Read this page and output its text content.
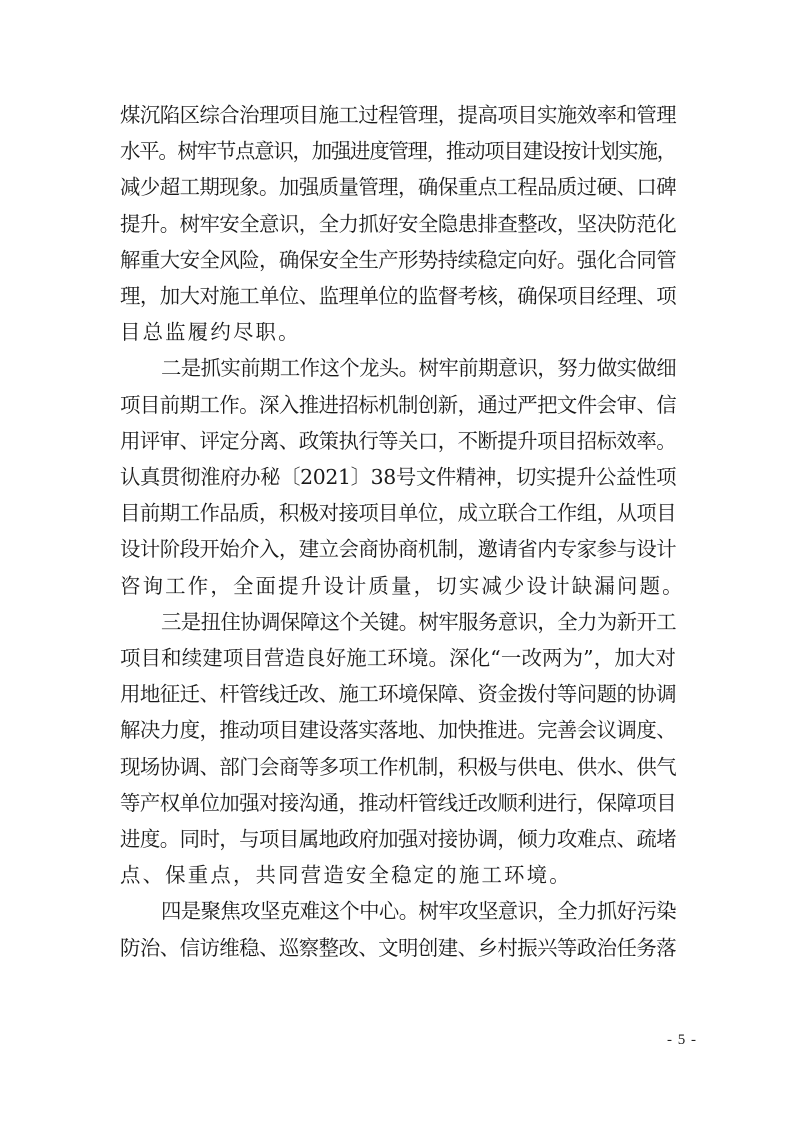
煤沉陷区综合治理项目施工过程管理，提高项目实施效率和管理
水平。树牢节点意识，加强进度管理，推动项目建设按计划实施，
减少超工期现象。加强质量管理，确保重点工程品质过硬、口碑
提升。树牢安全意识，全力抓好安全隐患排查整改，坚决防范化
解重大安全风险，确保安全生产形势持续稳定向好。强化合同管
理，加大对施工单位、监理单位的监督考核，确保项目经理、项
目总监履约尽职。
二是抓实前期工作这个龙头。树牢前期意识，努力做实做细
项目前期工作。深入推进招标机制创新，通过严把文件会审、信
用评审、评定分离、政策执行等关口，不断提升项目招标效率。
认真贯彻淮府办秘〔2021〕38号文件精神，切实提升公益性项
目前期工作品质，积极对接项目单位，成立联合工作组，从项目
设计阶段开始介入，建立会商协商机制，邀请省内专家参与设计
咨询工作，全面提升设计质量，切实减少设计缺漏问题。
三是扭住协调保障这个关键。树牢服务意识，全力为新开工
项目和续建项目营造良好施工环境。深化“一改两为”，加大对
用地征迁、杆管线迁改、施工环境保障、资金拨付等问题的协调
解决力度，推动项目建设落实落地、加快推进。完善会议调度、
现场协调、部门会商等多项工作机制，积极与供电、供水、供气
等产权单位加强对接沟通，推动杆管线迁改顺利进行，保障项目
进度。同时，与项目属地政府加强对接协调，倾力攻难点、疏堵
点、保重点，共同营造安全稳定的施工环境。
四是聚焦攻坚克难这个中心。树牢攻坚意识，全力抓好污染
防治、信访维稳、巡察整改、文明创建、乡村振兴等政治任务落
- 5 -
